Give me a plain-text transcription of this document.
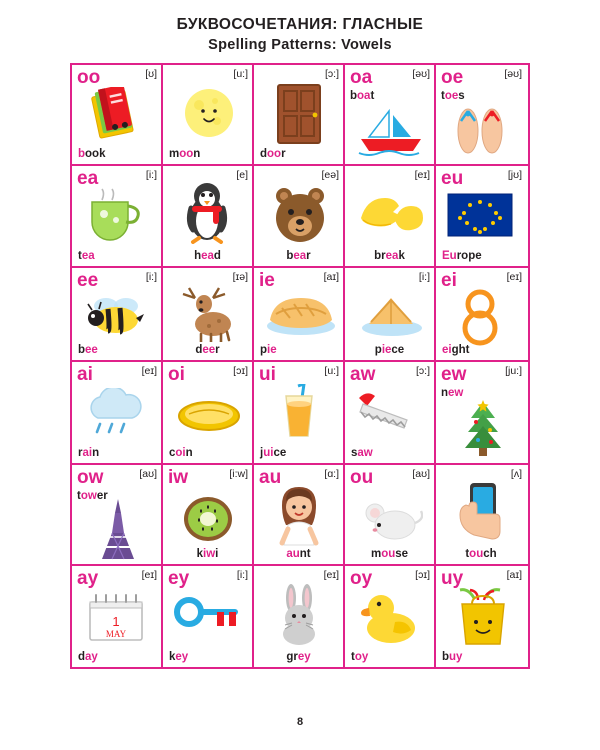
БУКВОСОЧЕТАНИЯ: ГЛАСНЫЕ
Spelling Patterns: Vowels
oo	[ʊ]
book
[u:]
moon
[ɔ:]
door
oa	[əʊ]
boat
oe	[əʊ]
toes
ea	[i:]
tea
[e]
head
[eə]
bear
[eɪ]
break
eu	[jʊ]
Europe
ee	[i:]
bee
[ɪə]
deer
ie	[aɪ]
pie
[i:]
piece
ei	[eɪ]
eight
ai	[eɪ]
rain
oi	[ɔɪ]
coin
ui	[u:]
juice
aw	[ɔ:]
saw
ew	[ju:]
new
ow	[aʊ]
tower
iw	[i:w]
kiwi
au	[ɑ:]
aunt
ou	[aʊ]
mouse
[ʌ]
touch
ay	[eɪ]
1
MAY
day
ey	[i:]
key
[eɪ]
grey
oy	[ɔɪ]
toy
uy	[aɪ]
buy
8
